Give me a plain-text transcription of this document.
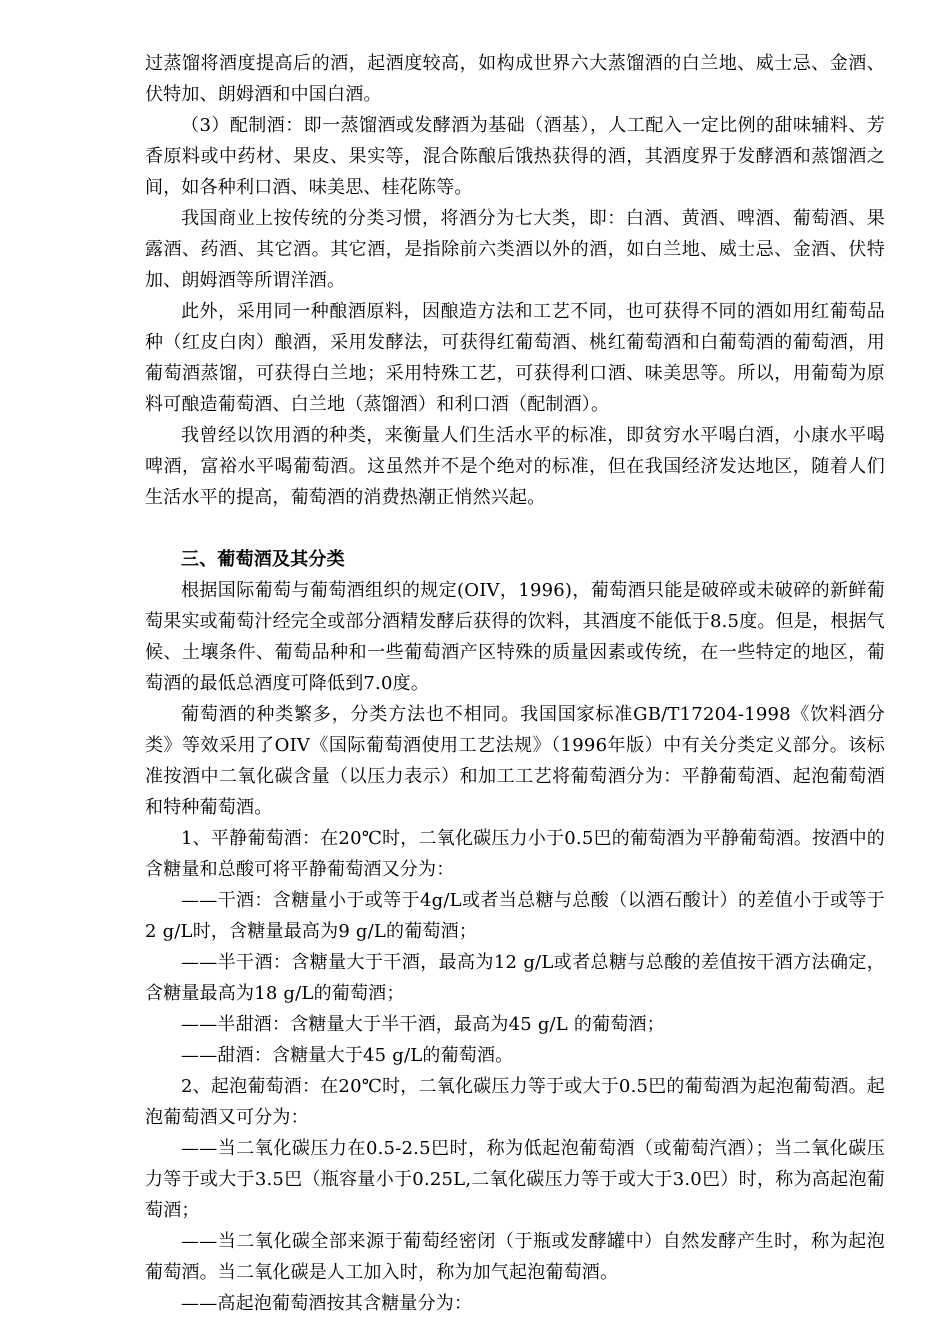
过蒸馏将酒度提高后的酒，起酒度较高，如构成世界六大蒸馏酒的白兰地、威士忌、金酒、伏特加、朗姆酒和中国白酒。

（3）配制酒：即一蒸馏酒或发酵酒为基础（酒基），人工配入一定比例的甜味辅料、芳香原料或中药材、果皮、果实等，混合陈酿后饿热获得的酒，其酒度界于发酵酒和蒸馏酒之间，如各种利口酒、味美思、桂花陈等。

我国商业上按传统的分类习惯，将酒分为七大类，即：白酒、黄酒、啤酒、葡萄酒、果露酒、药酒、其它酒。其它酒，是指除前六类酒以外的酒，如白兰地、威士忌、金酒、伏特加、朗姆酒等所谓洋酒。

此外，采用同一种酿酒原料，因酿造方法和工艺不同，也可获得不同的酒如用红葡萄品种（红皮白肉）酿酒，采用发酵法，可获得红葡萄酒、桃红葡萄酒和白葡萄酒的葡萄酒，用葡萄酒蒸馏，可获得白兰地；采用特殊工艺，可获得利口酒、味美思等。所以，用葡萄为原料可酿造葡萄酒、白兰地（蒸馏酒）和利口酒（配制酒）。

我曾经以饮用酒的种类，来衡量人们生活水平的标准，即贫穷水平喝白酒，小康水平喝啤酒，富裕水平喝葡萄酒。这虽然并不是个绝对的标准，但在我国经济发达地区，随着人们生活水平的提高，葡萄酒的消费热潮正悄然兴起。

三、葡萄酒及其分类

根据国际葡萄与葡萄酒组织的规定(OIV，1996)，葡萄酒只能是破碎或未破碎的新鲜葡萄果实或葡萄汁经完全或部分酒精发酵后获得的饮料，其酒度不能低于8.5度。但是，根据气候、土壤条件、葡萄品种和一些葡萄酒产区特殊的质量因素或传统，在一些特定的地区，葡萄酒的最低总酒度可降低到7.0度。

葡萄酒的种类繁多，分类方法也不相同。我国国家标准GB/T17204-1998《饮料酒分类》等效采用了OIV《国际葡萄酒使用工艺法规》（1996年版）中有关分类定义部分。该标准按酒中二氧化碳含量（以压力表示）和加工工艺将葡萄酒分为：平静葡萄酒、起泡葡萄酒和特种葡萄酒。

1、平静葡萄酒：在20℃时，二氧化碳压力小于0.5巴的葡萄酒为平静葡萄酒。按酒中的含糖量和总酸可将平静葡萄酒又分为：

——干酒：含糖量小于或等于4g/L或者当总糖与总酸（以酒石酸计）的差值小于或等于2 g/L时，含糖量最高为9 g/L的葡萄酒；

——半干酒：含糖量大于干酒，最高为12 g/L或者总糖与总酸的差值按干酒方法确定，含糖量最高为18 g/L的葡萄酒；

——半甜酒：含糖量大于半干酒，最高为45 g/L 的葡萄酒；

——甜酒：含糖量大于45 g/L的葡萄酒。

2、起泡葡萄酒：在20℃时，二氧化碳压力等于或大于0.5巴的葡萄酒为起泡葡萄酒。起泡葡萄酒又可分为：

——当二氧化碳压力在0.5-2.5巴时，称为低起泡葡萄酒（或葡萄汽酒）；当二氧化碳压力等于或大于3.5巴（瓶容量小于0.25L,二氧化碳压力等于或大于3.0巴）时，称为高起泡葡萄酒；

——当二氧化碳全部来源于葡萄经密闭（于瓶或发酵罐中）自然发酵产生时，称为起泡葡萄酒。当二氧化碳是人工加入时，称为加气起泡葡萄酒。

——高起泡葡萄酒按其含糖量分为：
